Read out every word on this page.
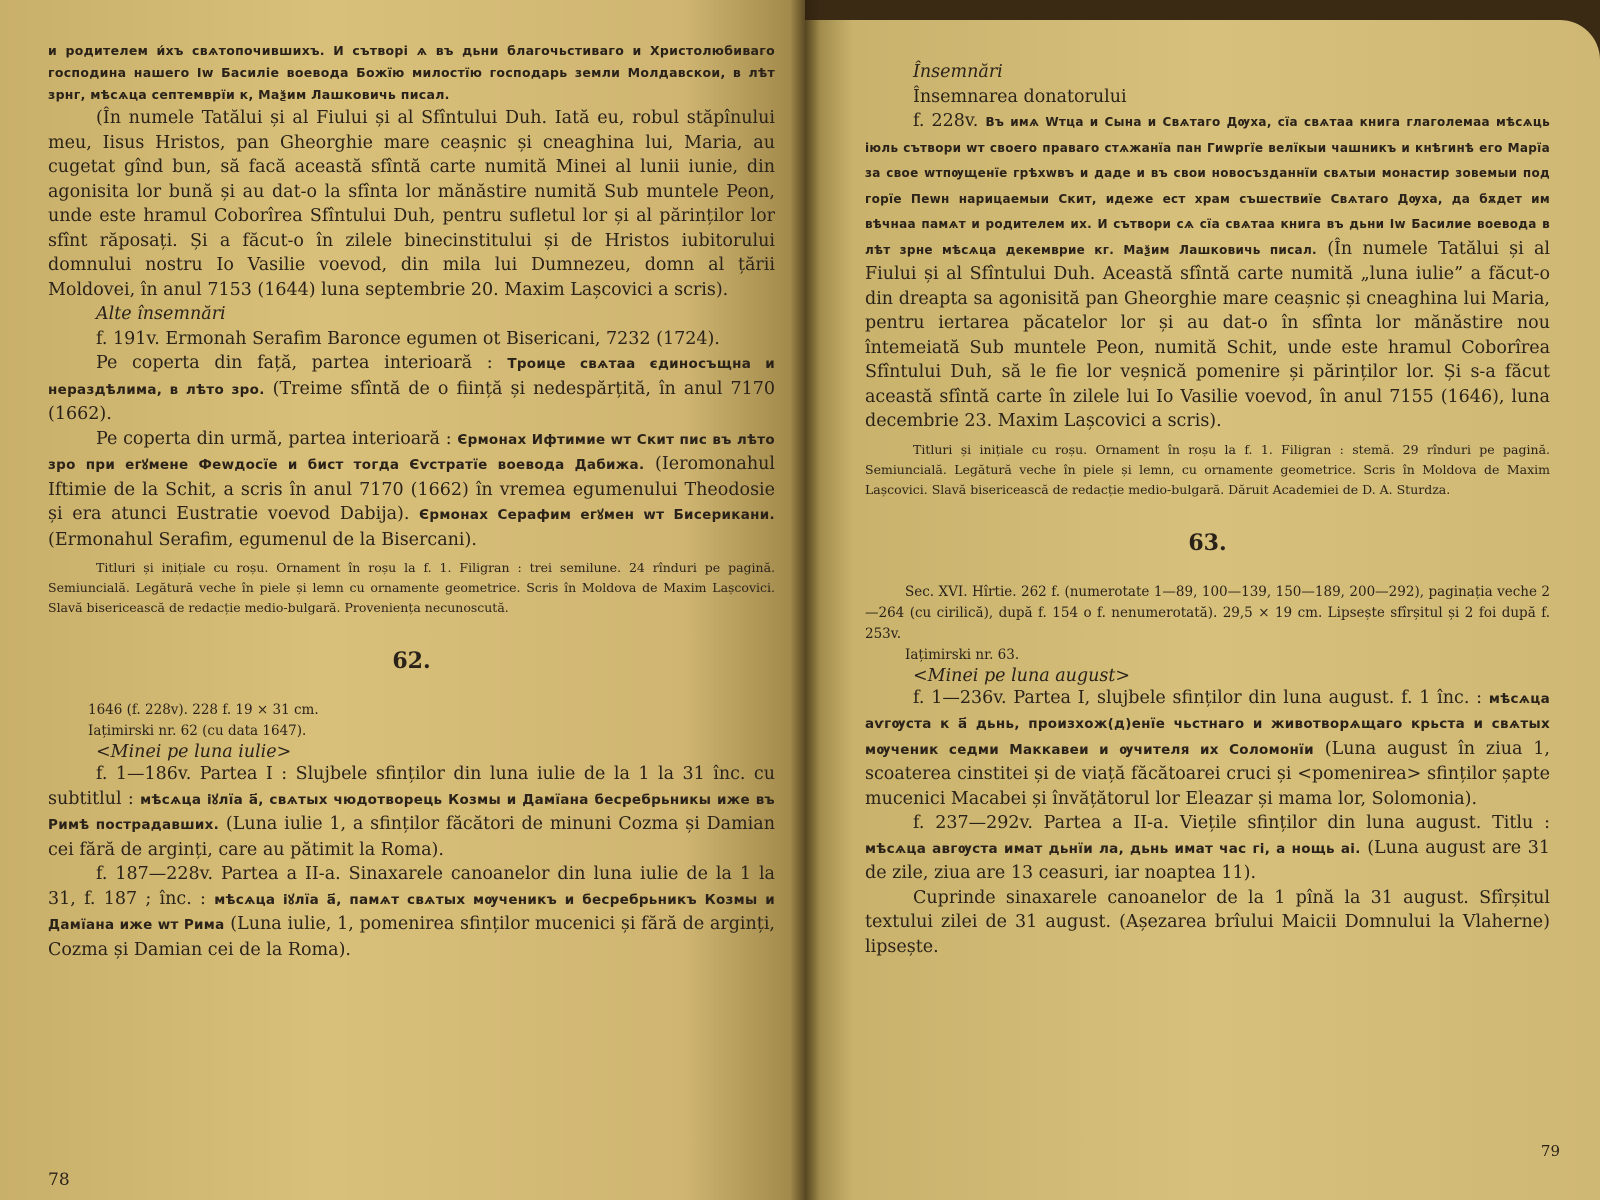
и родителем и́хъ свѧтопочившихъ. И сътворі ѧ въ дьни благочьстиваго и Христолюбиваго господина нашего Iw Басиліе воевода Божїю милостїю господарь земли Молдавскои, в лѣт зрнг, мѣсѧца септемврїи к, Маѯим Лашковичь писал.

(În numele Tatălui și al Fiului și al Sfîntului Duh. Iată eu, robul stăpînului meu, Iisus Hristos, pan Gheorghie mare ceașnic și cneaghina lui, Maria, au cugetat gînd bun, să facă această sfîntă carte numită Minei al lunii iunie, din agonisita lor bună și au dat-o la sfînta lor mănăstire numită Sub muntele Peon, unde este hramul Coborîrea Sfîntului Duh, pentru sufletul lor și al părinților lor sfînt răposați. Și a făcut-o în zilele binecinstitului și de Hristos iubitorului domnului nostru Io Vasilie voevod, din mila lui Dumnezeu, domn al țării Moldovei, în anul 7153 (1644) luna septembrie 20. Maxim Lașcovici a scris).

Alte însemnări

f. 191v. Ermonah Serafim Baronce egumen ot Bisericani, 7232 (1724).

Pe coperta din față, partea interioară : Троице свѧтаа єдиносъщна и нераздѣлима, в лѣто зро. (Treime sfîntă de o ființă și nedespărțită, în anul 7170 (1662).

Pe coperta din urmă, partea interioară : Єрмонах Ифтимие wт Скит пис въ лѣто зро при егꙋмене Феwдосїе и бист тогда Єѵстратїе воевода Дабижа. (Ieromonahul Iftimie de la Schit, a scris în anul 7170 (1662) în vremea egumenului Theodosie și era atunci Eustratie voevod Dabija). Єрмонах Серафим егꙋмен wт Бисерикани. (Ermonahul Serafim, egumenul de la Bisercani).

Titluri și inițiale cu roșu. Ornament în roșu la f. 1. Filigran : trei semilune. 24 rînduri pe pagină. Semiuncială. Legătură veche în piele și lemn cu ornamente geometrice. Scris în Moldova de Maxim Lașcovici. Slavă bisericească de redacție medio-bulgară. Proveniența necunoscută.

62.

1646 (f. 228v). 228 f. 19 × 31 cm.

Iațimirski nr. 62 (cu data 1647).

<Minei pe luna iulie>

f. 1—186v. Partea I : Slujbele sfinților din luna iulie de la 1 la 31 înc. cu subtitlul : мѣсѧца iꙋлїа а҃, свѧтых чюдотворець Козмы и Дамїана бесребрьникы иже въ Римѣ пострадавших. (Luna iulie 1, a sfinților făcători de minuni Cozma și Damian cei fără de arginți, care au pătimit la Roma).

f. 187—228v. Partea a II-a. Sinaxarele canoanelor din luna iulie de la 1 la 31, f. 187 ; înc. : мѣсѧца iꙋлїа а҃, памѧт свѧтых мѹченикъ и бесребрьникъ Козмы и Дамїана иже wт Рима (Luna iulie, 1, pomenirea sfinților mucenici și fără de arginți, Cozma și Damian cei de la Roma).

78

Însemnări

Însemnarea donatorului

f. 228v. Въ имѧ Wтца и Сына и Свѧтаго Дѹха, сїа свѧтаа книга глаголемаа мѣсѧць іюль сътвори wт своего праваго стѧжанїа пан Гиwргїе велїкыи чашникъ и кнѣгинѣ его Марїа за свое wтпѹщенїе грѣхwвъ и даде и въ свои новосъзданнїи свѧтыи монастир зовемыи под горїе Пеwн нарицаемыи Скит, идеже ест храм съшествиїе Свѧтаго Дѹха, да бѫдет им вѣчнаа памѧт и родителем их. И сътвори сѧ сїа свѧтаа книга въ дьни Iw Басилие воевода в лѣт зрне мѣсѧца декемврие кг. Маѯим Лашковичь писал. (În numele Tatălui și al Fiului și al Sfîntului Duh. Această sfîntă carte numită „luna iulie” a făcut-o din dreapta sa agonisită pan Gheorghie mare ceașnic și cneaghina lui Maria, pentru iertarea păcatelor lor și au dat-o în sfînta lor mănăstire nou întemeiată Sub muntele Peon, numită Schit, unde este hramul Coborîrea Sfîntului Duh, să le fie lor veșnică pomenire și părinților lor. Și s-a făcut această sfîntă carte în zilele lui Io Vasilie voevod, în anul 7155 (1646), luna decembrie 23. Maxim Lașcovici a scris).

Titluri și inițiale cu roșu. Ornament în roșu la f. 1. Filigran : stemă. 29 rînduri pe pagină. Semiuncială. Legătură veche în piele și lemn, cu ornamente geometrice. Scris în Moldova de Maxim Lașcovici. Slavă bisericească de redacție medio-bulgară. Dăruit Academiei de D. A. Sturdza.

63.

Sec. XVI. Hîrtie. 262 f. (numerotate 1—89, 100—139, 150—189, 200—292), paginația veche 2—264 (cu cirilică), după f. 154 o f. nenumerotată). 29,5 × 19 cm. Lipsește sfîrșitul și 2 foi după f. 253v.

Iațimirski nr. 63.

<Minei pe luna august>

f. 1—236v. Partea I, slujbele sfinților din luna august. f. 1 înc. : мѣсѧца аѵгѹста к а҃ дьнь, произхож(д)енїе чьстнаго и животворѧщаго крьста и свѧтых мѹченик седми Маккавеи и ѹчителя их Соломонїи (Luna august în ziua 1, scoaterea cinstitei și de viață făcătoarei cruci și <pomenirea> sfinților șapte mucenici Macabei și învățătorul lor Eleazar și mama lor, Solomonia).

f. 237—292v. Partea a II-a. Viețile sfinților din luna august. Titlu : мѣсѧца авгѹста имат дьнїи ла, дьнь имат час гі, а нощь аі. (Luna august are 31 de zile, ziua are 13 ceasuri, iar noaptea 11).

Cuprinde sinaxarele canoanelor de la 1 pînă la 31 august. Sfîrșitul textului zilei de 31 august. (Așezarea brîului Maicii Domnului la Vlaherne) lipsește.

79
